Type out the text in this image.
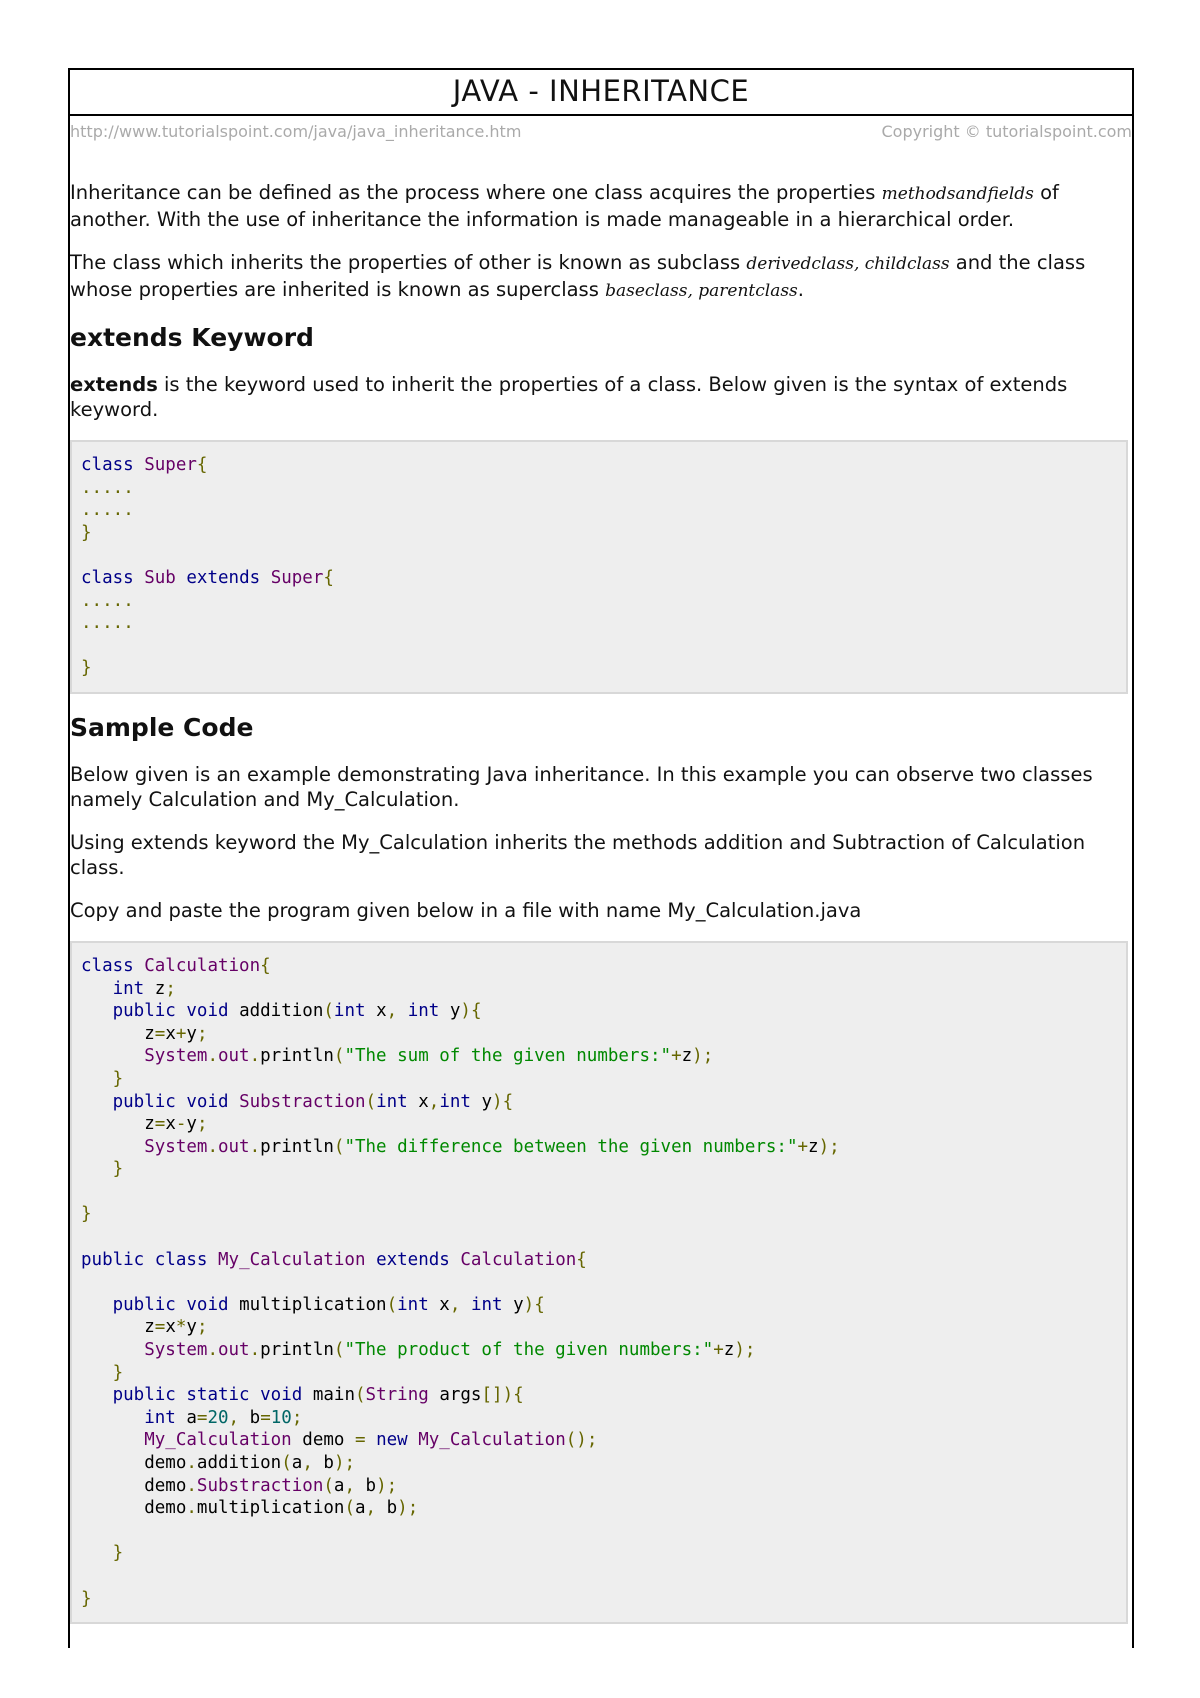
JAVA - INHERITANCE
http://www.tutorialspoint.com/java/java_inheritance.htm	Copyright © tutorialspoint.com

Inheritance can be defined as the process where one class acquires the properties methodsandfields of another. With the use of inheritance the information is made manageable in a hierarchical order.

The class which inherits the properties of other is known as subclass derivedclass, childclass and the class whose properties are inherited is known as superclass baseclass, parentclass.

extends Keyword

extends is the keyword used to inherit the properties of a class. Below given is the syntax of extends keyword.

class Super{
.....
.....
}

class Sub extends Super{
.....
.....

}
Sample Code

Below given is an example demonstrating Java inheritance. In this example you can observe two classes namely Calculation and My_Calculation.

Using extends keyword the My_Calculation inherits the methods addition and Subtraction of Calculation class.

Copy and paste the program given below in a file with name My_Calculation.java

class Calculation{
int z;
public void addition(int x, int y){
z=x+y;
System.out.println("The sum of the given numbers:"+z);
}
public void Substraction(int x,int y){
z=x-y;
System.out.println("The difference between the given numbers:"+z);
}

}

public class My_Calculation extends Calculation{

public void multiplication(int x, int y){
z=x*y;
System.out.println("The product of the given numbers:"+z);
}
public static void main(String args[]){
int a=20, b=10;
My_Calculation demo = new My_Calculation();
demo.addition(a, b);
demo.Substraction(a, b);
demo.multiplication(a, b);

}

}
